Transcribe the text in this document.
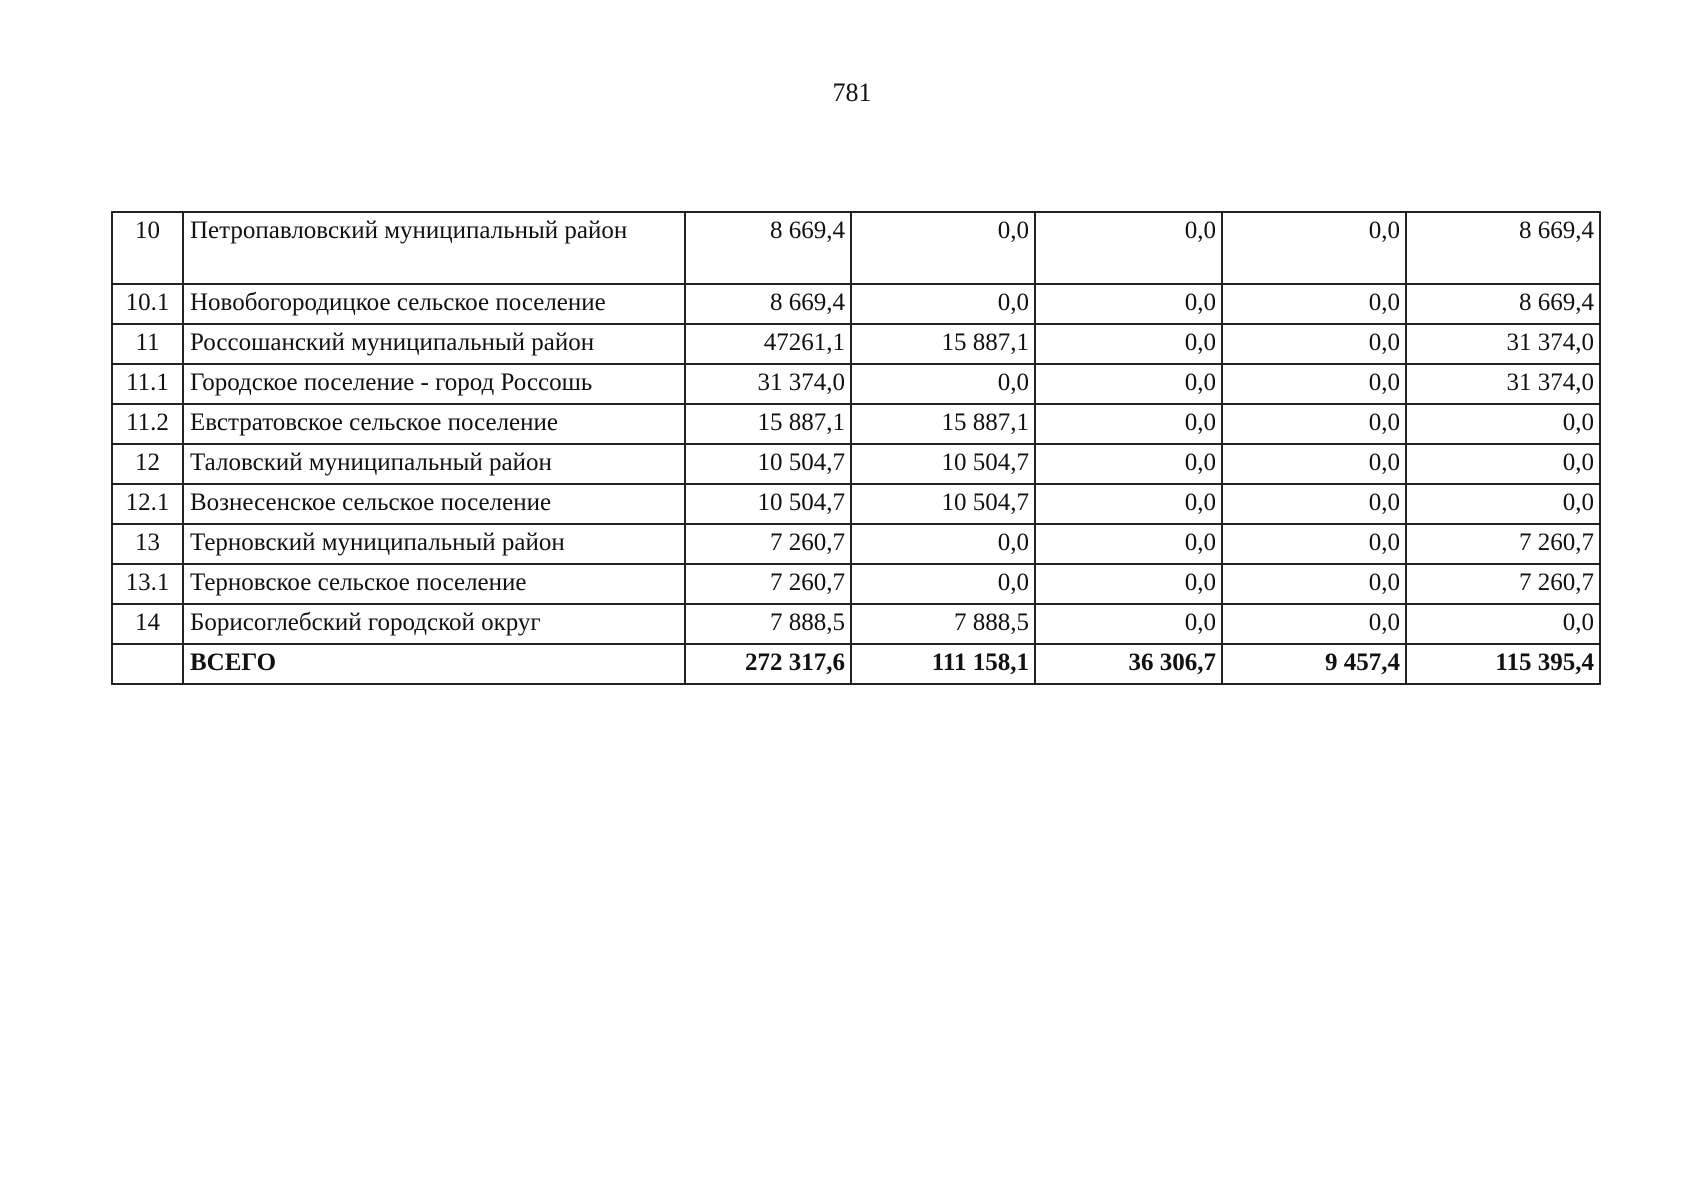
781
10	Петропавловский муниципальный район	8 669,4	0,0	0,0	0,0	8 669,4
10.1	Новобогородицкое сельское поселение	8 669,4	0,0	0,0	0,0	8 669,4
11	Россошанский муниципальный район	47261,1	15 887,1	0,0	0,0	31 374,0
11.1	Городское поселение - город Россошь	31 374,0	0,0	0,0	0,0	31 374,0
11.2	Евстратовское сельское поселение	15 887,1	15 887,1	0,0	0,0	0,0
12	Таловский муниципальный район	10 504,7	10 504,7	0,0	0,0	0,0
12.1	Вознесенское сельское поселение	10 504,7	10 504,7	0,0	0,0	0,0
13	Терновский муниципальный район	7 260,7	0,0	0,0	0,0	7 260,7
13.1	Терновское сельское поселение	7 260,7	0,0	0,0	0,0	7 260,7
14	Борисоглебский городской округ	7 888,5	7 888,5	0,0	0,0	0,0
	ВСЕГО	272 317,6	111 158,1	36 306,7	9 457,4	115 395,4
